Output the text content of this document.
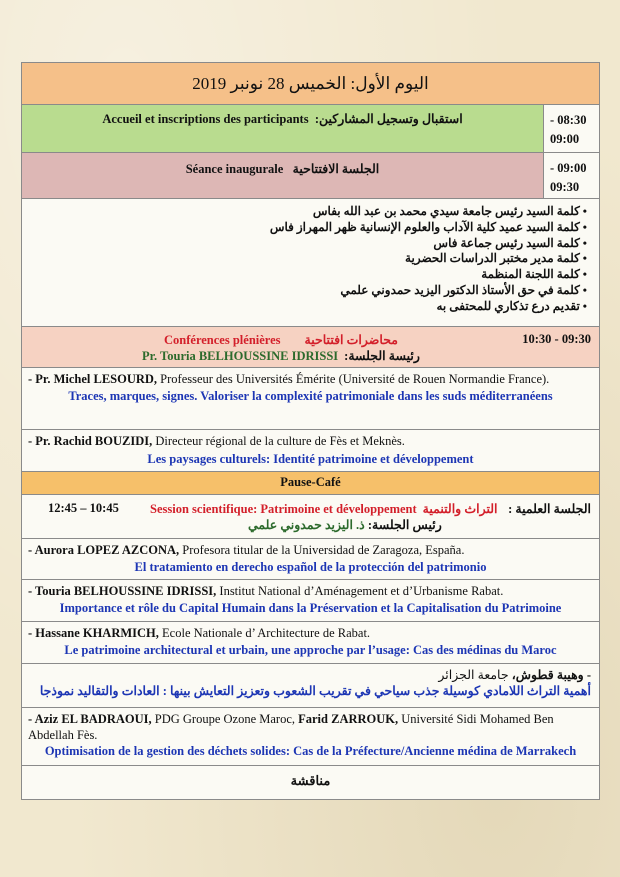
اليوم الأول: الخميس 28 نونبر 2019
Accueil et inscriptions des participants استقبال وتسجيل المشاركين:	- 08:30
09:00
Séance inaugurale الجلسة الافتتاحية	- 09:00
09:30
• كلمة السيد رئيس جامعة سيدي محمد بن عبد الله بفاس
• كلمة السيد عميد كلية الآداب والعلوم الإنسانية ظهر المهراز فاس
• كلمة السيد رئيس جماعة فاس
• كلمة مدير مختبر الدراسات الحضرية
• كلمة اللجنة المنظمة
• كلمة في حق الأستاذ الدكتور اليزيد حمدوني علمي
• تقديم درع تذكاري للمحتفى به
Conférences plénières محاضرات افتتاحية
Pr. Touria BELHOUSSINE IDRISSI رئيسة الجلسة:
10:30 - 09:30
- Pr. Michel LESOURD, Professeur des Universités Émérite (Université de Rouen Normandie France).
Traces, marques, signes. Valoriser la complexité patrimoniale dans les suds méditerranéens
- Pr. Rachid BOUZIDI, Directeur régional de la culture de Fès et Meknès.
Les paysages culturels: Identité patrimoine et développement
Pause-Café
12:45 – 10:45 Session scientifique: Patrimoine et développement التراث والتنمية الجلسة العلمية :
رئيس الجلسة: ذ. اليزيد حمدوني علمي
- Aurora LOPEZ AZCONA, Profesora titular de la Universidad de Zaragoza, España.
El tratamiento en derecho español de la protección del patrimonio
- Touria BELHOUSSINE IDRISSI, Institut National d’Aménagement et d’Urbanisme Rabat.
Importance et rôle du Capital Humain dans la Préservation et la Capitalisation du Patrimoine
- Hassane KHARMICH, Ecole Nationale d’ Architecture de Rabat.
Le patrimoine architectural et urbain, une approche par l’usage: Cas des médinas du Maroc
- وهيبة قطوش، جامعة الجزائر
أهمية التراث اللامادي كوسيلة جذب سياحي في تقريب الشعوب وتعزيز التعايش بينها : العادات والتقاليد نموذجا
- Aziz EL BADRAOUI, PDG Groupe Ozone Maroc, Farid ZARROUK, Université Sidi Mohamed Ben Abdellah Fès.
Optimisation de la gestion des déchets solides: Cas de la Préfecture/Ancienne médina de Marrakech
مناقشة
